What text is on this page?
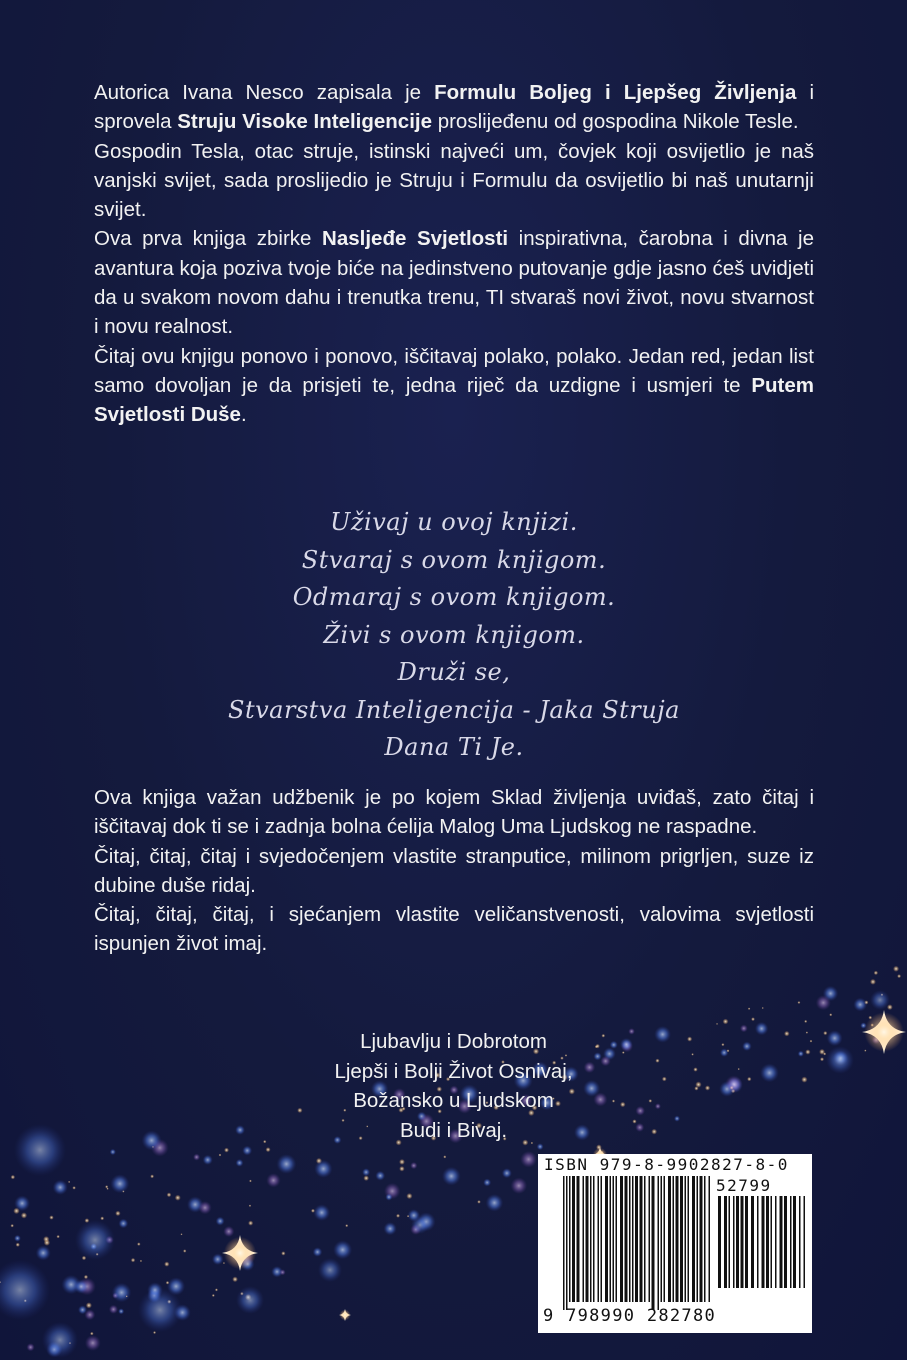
Autorica Ivana Nesco zapisala je Formulu Boljeg i Ljepšeg Življenja i sprovela Struju Visoke Inteligencije proslijeđenu od gospodina Nikole Tesle.

Gospodin Tesla, otac struje, istinski najveći um, čovjek koji osvijetlio je naš vanjski svijet, sada proslijedio je Struju i Formulu da osvijetlio bi naš unutarnji svijet.

Ova prva knjiga zbirke Nasljeđe Svjetlosti inspirativna, čarobna i divna je avantura koja poziva tvoje biće na jedinstveno putovanje gdje jasno ćeš uvidjeti da u svakom novom dahu i trenutka trenu, TI stvaraš novi život, novu stvarnost i novu realnost.

Čitaj ovu knjigu ponovo i ponovo, iščitavaj polako, polako. Jedan red, jedan list samo dovoljan je da prisjeti te, jedna riječ da uzdigne i usmjeri te Putem Svjetlosti Duše.

Uživaj u ovoj knjizi.
Stvaraj s ovom knjigom.
Odmaraj s ovom knjigom.
Živi s ovom knjigom.
Druži se,
Stvarstva Inteligencija - Jaka Struja
Dana Ti Je.

Ova knjiga važan udžbenik je po kojem Sklad življenja uviđaš, zato čitaj i iščitavaj dok ti se i zadnja bolna ćelija Malog Uma Ljudskog ne raspadne.

Čitaj, čitaj, čitaj i svjedočenjem vlastite stranputice, milinom prigrljen, suze iz dubine duše ridaj.

Čitaj, čitaj, čitaj, i sjećanjem vlastite veličanstvenosti, valovima svjetlosti ispunjen život imaj.

Ljubavlju i Dobrotom
Ljepši i Bolji Život Osnivaj,
Božansko u Ljudskom
Budi i Bivaj.
ISBN 979-8-9902827-8-0
52799
9 798990 282780
